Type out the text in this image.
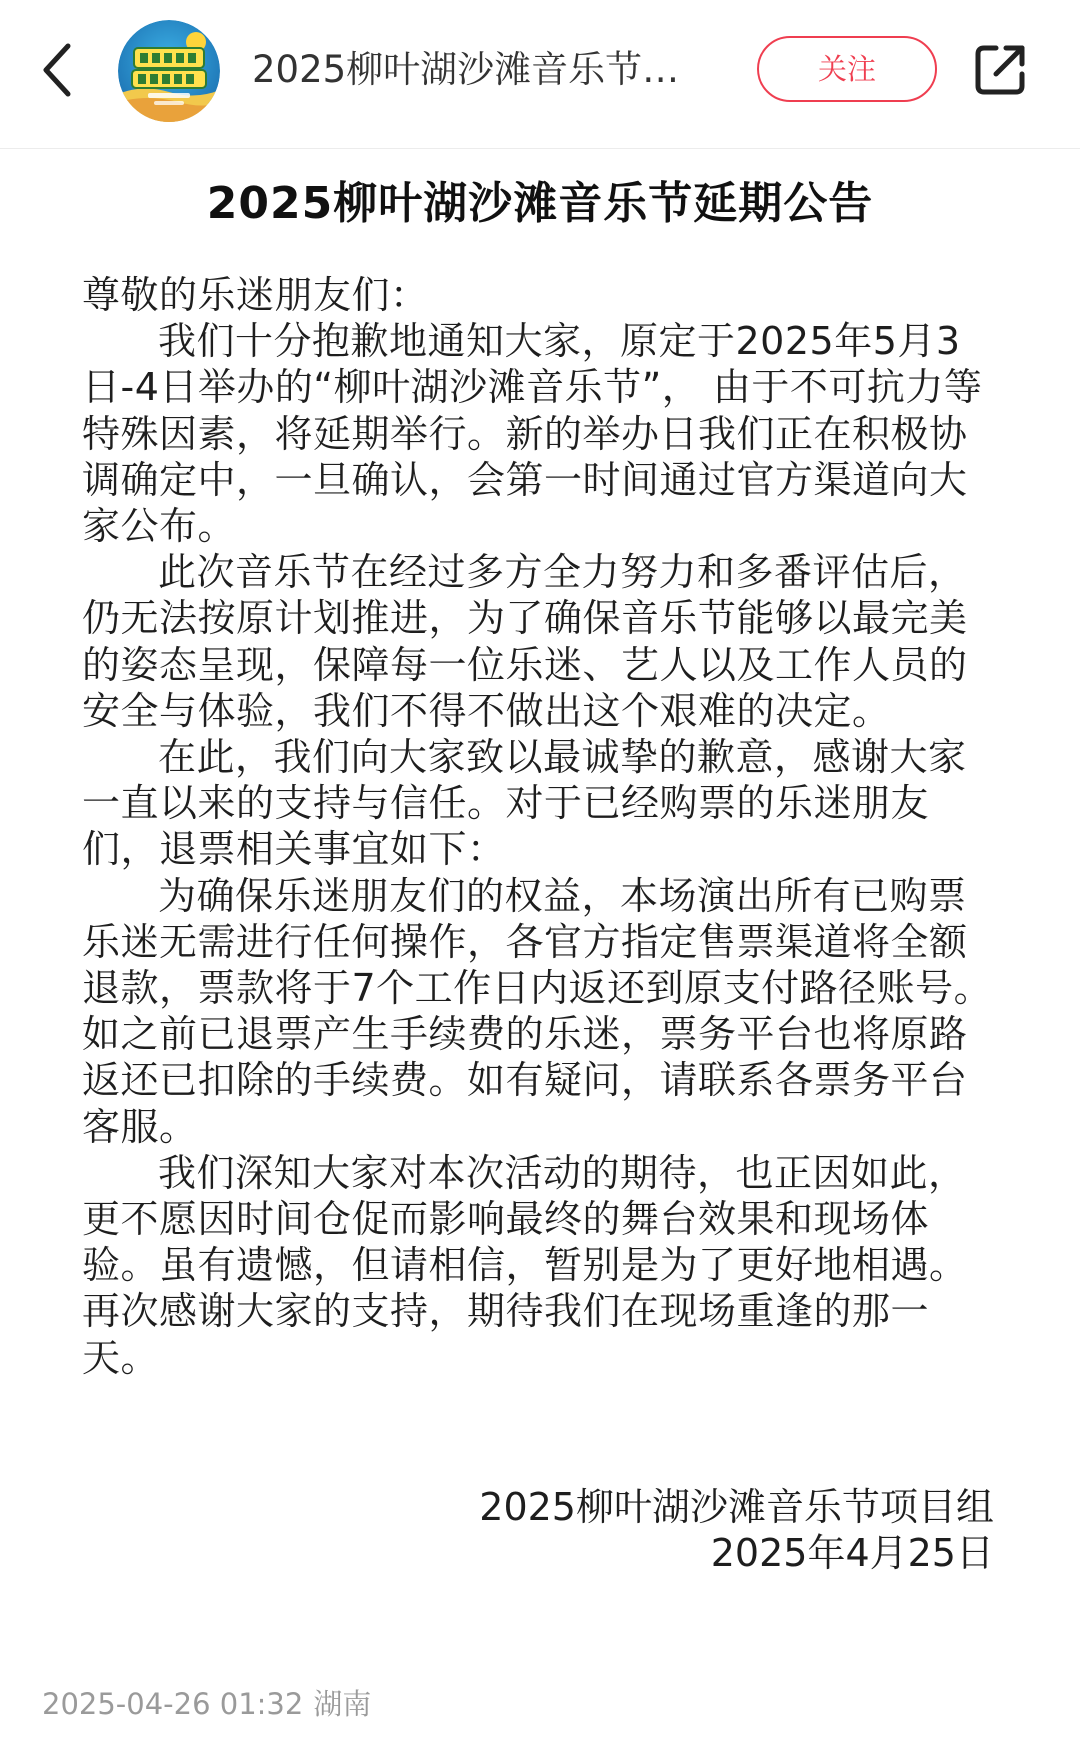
2025柳叶湖沙滩音乐节…	关注
2025柳叶湖沙滩音乐节延期公告

尊敬的乐迷朋友们：

我们十分抱歉地通知大家，原定于2025年5月3日-4日举办的“柳叶湖沙滩音乐节”， 由于不可抗力等特殊因素，将延期举行。新的举办日我们正在积极协调确定中，一旦确认，会第一时间通过官方渠道向大家公布。

此次音乐节在经过多方全力努力和多番评估后，仍无法按原计划推进，为了确保音乐节能够以最完美的姿态呈现，保障每一位乐迷、艺人以及工作人员的安全与体验，我们不得不做出这个艰难的决定。

在此，我们向大家致以最诚挚的歉意，感谢大家一直以来的支持与信任。对于已经购票的乐迷朋友们，退票相关事宜如下：

为确保乐迷朋友们的权益，本场演出所有已购票乐迷无需进行任何操作，各官方指定售票渠道将全额退款，票款将于7个工作日内返还到原支付路径账号。如之前已退票产生手续费的乐迷，票务平台也将原路返还已扣除的手续费。如有疑问，请联系各票务平台客服。

我们深知大家对本次活动的期待，也正因如此，更不愿因时间仓促而影响最终的舞台效果和现场体验。虽有遗憾，但请相信，暂别是为了更好地相遇。再次感谢大家的支持，期待我们在现场重逢的那一天。

2025柳叶湖沙滩音乐节项目组
2025年4月25日
2025-04-26 01:32 湖南
